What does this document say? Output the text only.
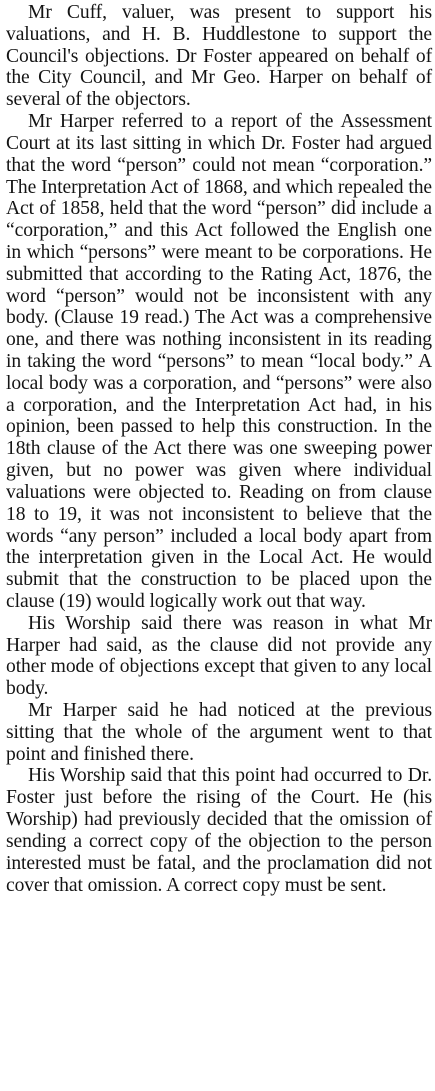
Mr Cuff, valuer, was present to support his valuations, and H. B. Huddlestone to support the Council's objections. Dr Foster appeared on behalf of the City Council, and Mr Geo. Harper on behalf of several of the objectors.

Mr Harper referred to a report of the Assessment Court at its last sitting in which Dr. Foster had argued that the word “person” could not mean “corporation.” The Interpretation Act of 1868, and which repealed the Act of 1858, held that the word “person” did include a “corporation,” and this Act followed the English one in which “persons” were meant to be corporations. He submitted that according to the Rating Act, 1876, the word “person” would not be inconsistent with any body. (Clause 19 read.) The Act was a comprehensive one, and there was nothing inconsistent in its reading in taking the word “persons” to mean “local body.” A local body was a corporation, and “persons” were also a corporation, and the Interpretation Act had, in his opinion, been passed to help this construction. In the 18th clause of the Act there was one sweeping power given, but no power was given where individual valuations were objected to. Reading on from clause 18 to 19, it was not inconsistent to believe that the words “any person” included a local body apart from the interpretation given in the Local Act. He would submit that the construction to be placed upon the clause (19) would logically work out that way.

His Worship said there was reason in what Mr Harper had said, as the clause did not provide any other mode of objections except that given to any local body.

Mr Harper said he had noticed at the previous sitting that the whole of the argument went to that point and finished there.

His Worship said that this point had occurred to Dr. Foster just before the rising of the Court. He (his Worship) had previously decided that the omission of sending a correct copy of the objection to the person interested must be fatal, and the proclamation did not cover that omission. A correct copy must be sent.
